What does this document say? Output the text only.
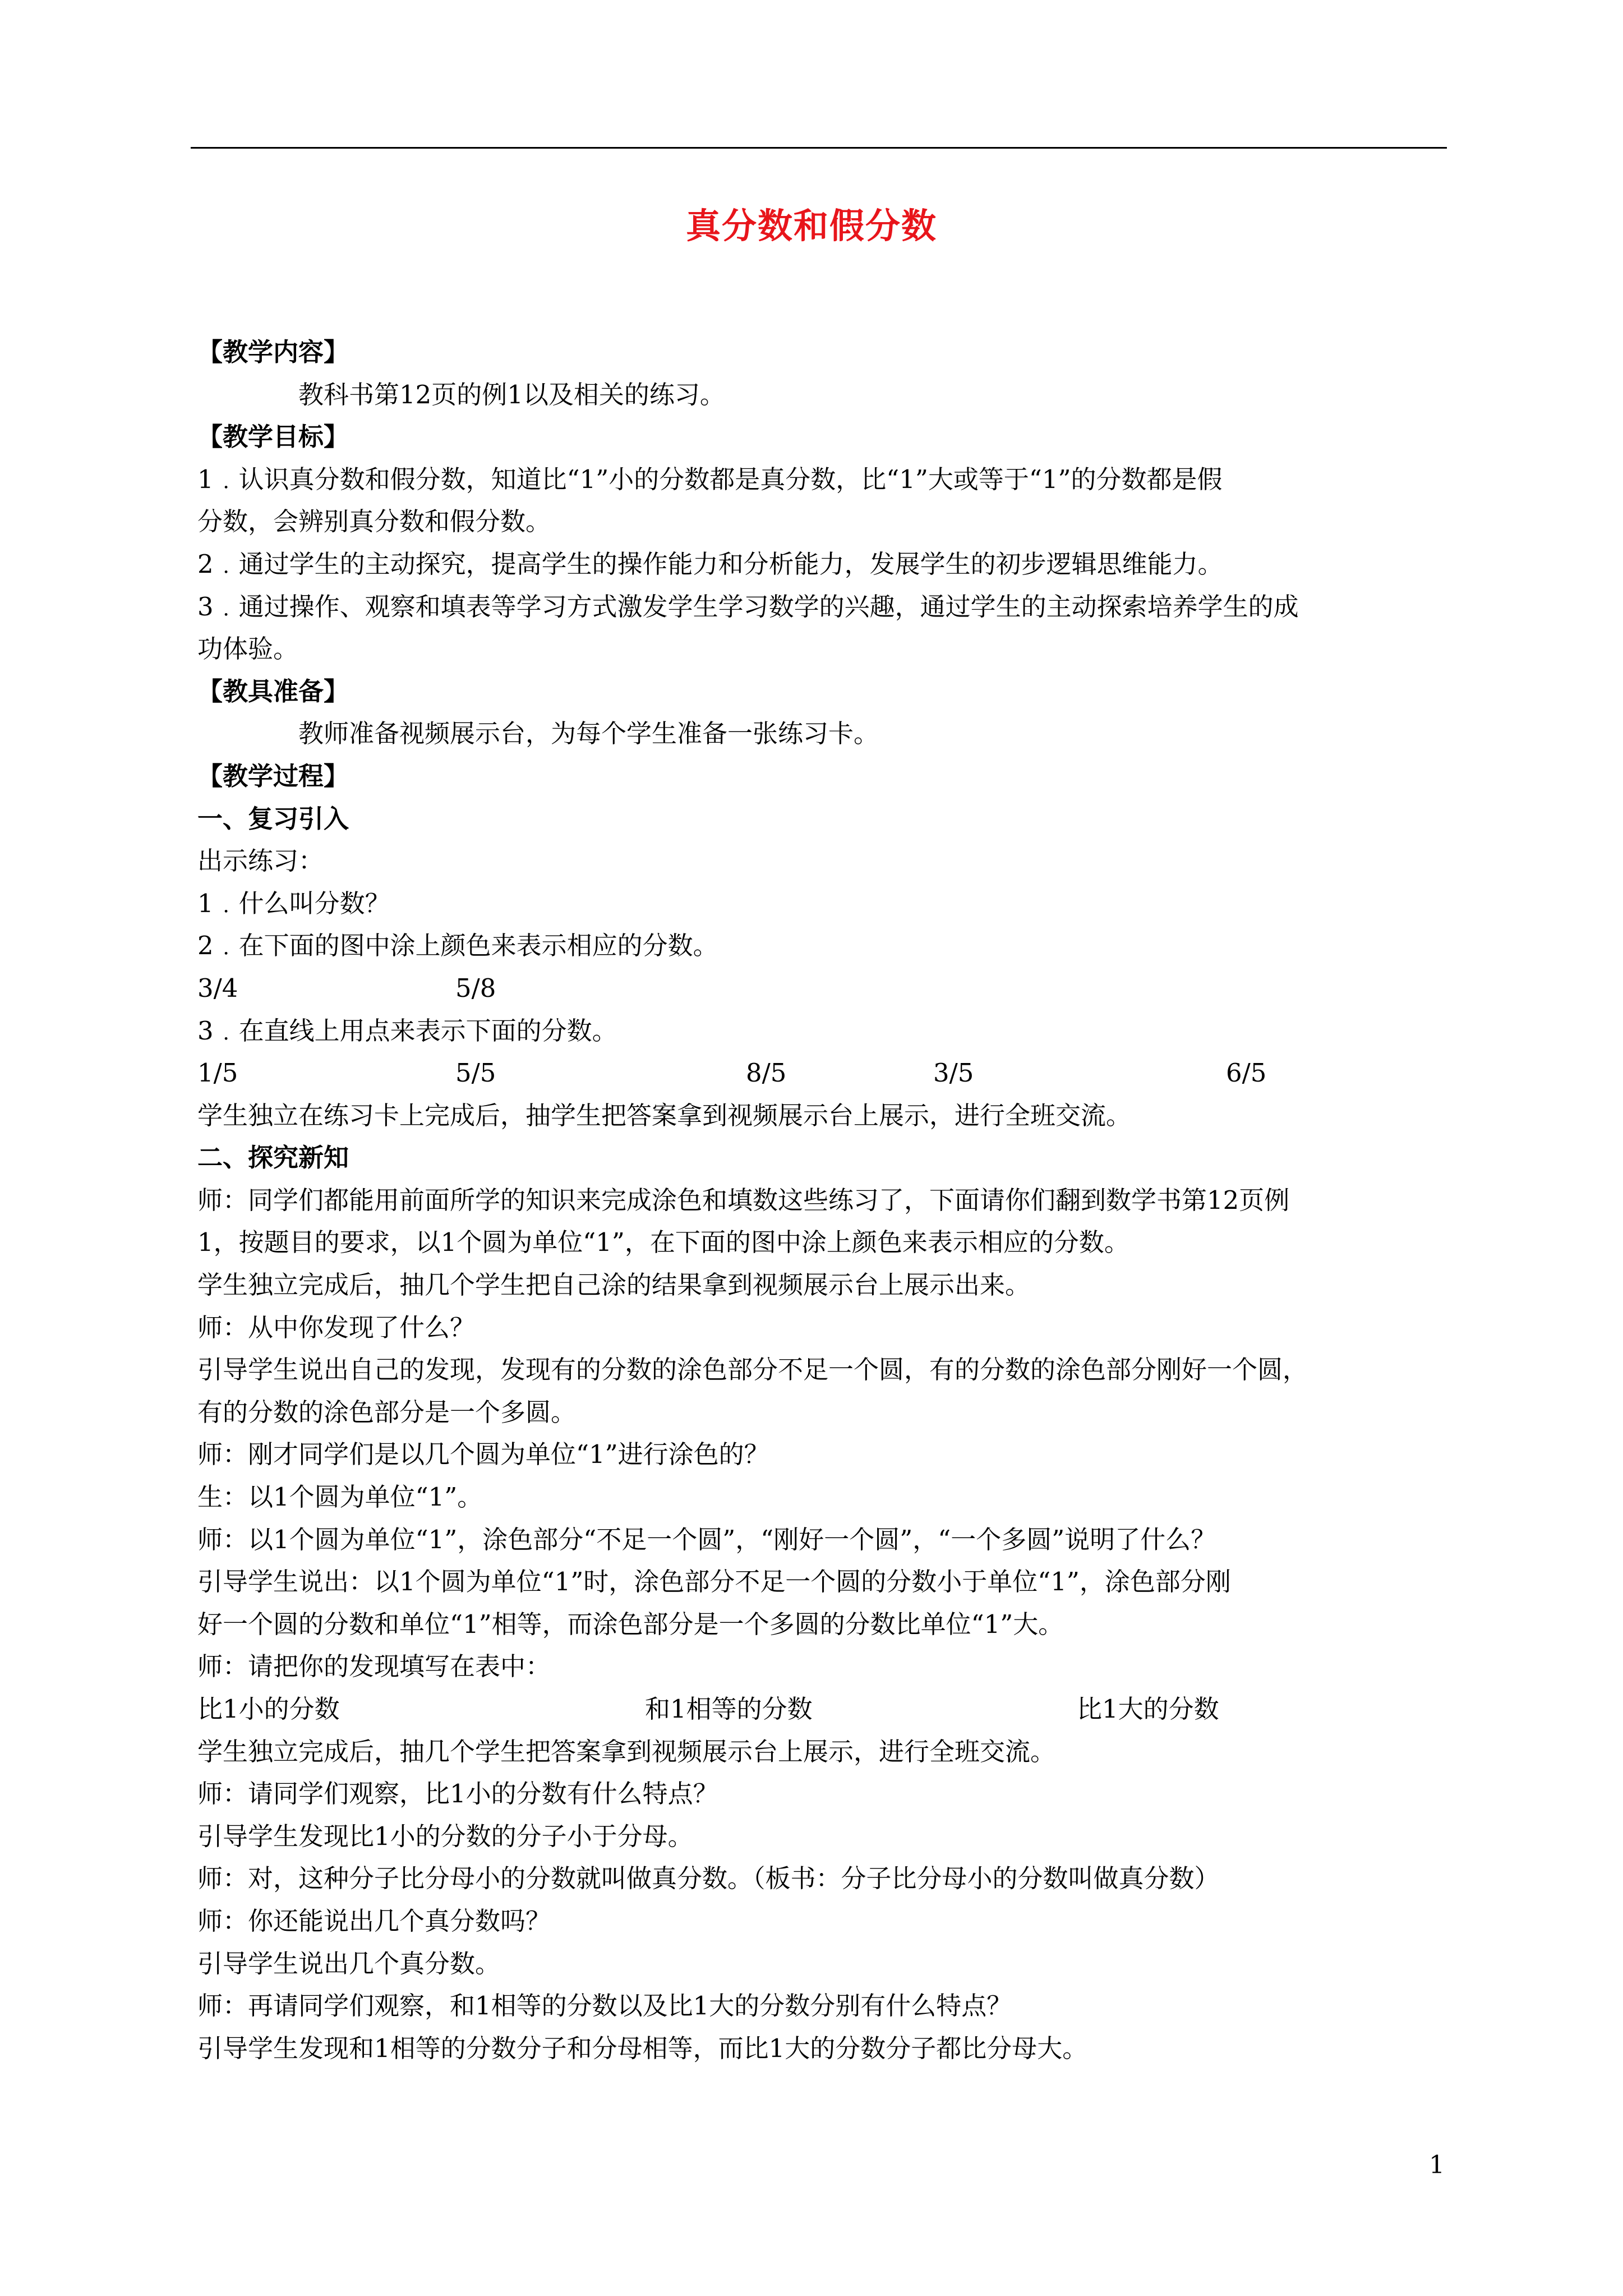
真分数和假分数
【教学内容】
教科书第12页的例1以及相关的练习。
【教学目标】
1﹒认识真分数和假分数，知道比“1”小的分数都是真分数，比“1”大或等于“1”的分数都是假
分数，会辨别真分数和假分数。
2﹒通过学生的主动探究，提高学生的操作能力和分析能力，发展学生的初步逻辑思维能力。
3﹒通过操作、观察和填表等学习方式激发学生学习数学的兴趣，通过学生的主动探索培养学生的成
功体验。
【教具准备】
教师准备视频展示台，为每个学生准备一张练习卡。
【教学过程】
一、复习引入
出示练习：
1﹒什么叫分数？
2﹒在下面的图中涂上颜色来表示相应的分数。
3/4	5/8
3﹒在直线上用点来表示下面的分数。
1/5	5/5	8/5	3/5	6/5
学生独立在练习卡上完成后，抽学生把答案拿到视频展示台上展示，进行全班交流。
二、探究新知
师：同学们都能用前面所学的知识来完成涂色和填数这些练习了，下面请你们翻到数学书第12页例
1，按题目的要求，以1个圆为单位“1”，在下面的图中涂上颜色来表示相应的分数。
学生独立完成后，抽几个学生把自己涂的结果拿到视频展示台上展示出来。
师：从中你发现了什么？
引导学生说出自己的发现，发现有的分数的涂色部分不足一个圆，有的分数的涂色部分刚好一个圆，
有的分数的涂色部分是一个多圆。
师：刚才同学们是以几个圆为单位“1”进行涂色的？
生：以1个圆为单位“1”。
师：以1个圆为单位“1”，涂色部分“不足一个圆”，“刚好一个圆”，“一个多圆”说明了什么？
引导学生说出：以1个圆为单位“1”时，涂色部分不足一个圆的分数小于单位“1”，涂色部分刚
好一个圆的分数和单位“1”相等，而涂色部分是一个多圆的分数比单位“1”大。
师：请把你的发现填写在表中：
比1小的分数	和1相等的分数	比1大的分数
学生独立完成后，抽几个学生把答案拿到视频展示台上展示，进行全班交流。
师：请同学们观察，比1小的分数有什么特点？
引导学生发现比1小的分数的分子小于分母。
师：对，这种分子比分母小的分数就叫做真分数。（板书：分子比分母小的分数叫做真分数）
师：你还能说出几个真分数吗？
引导学生说出几个真分数。
师：再请同学们观察，和1相等的分数以及比1大的分数分别有什么特点？
引导学生发现和1相等的分数分子和分母相等，而比1大的分数分子都比分母大。
1
